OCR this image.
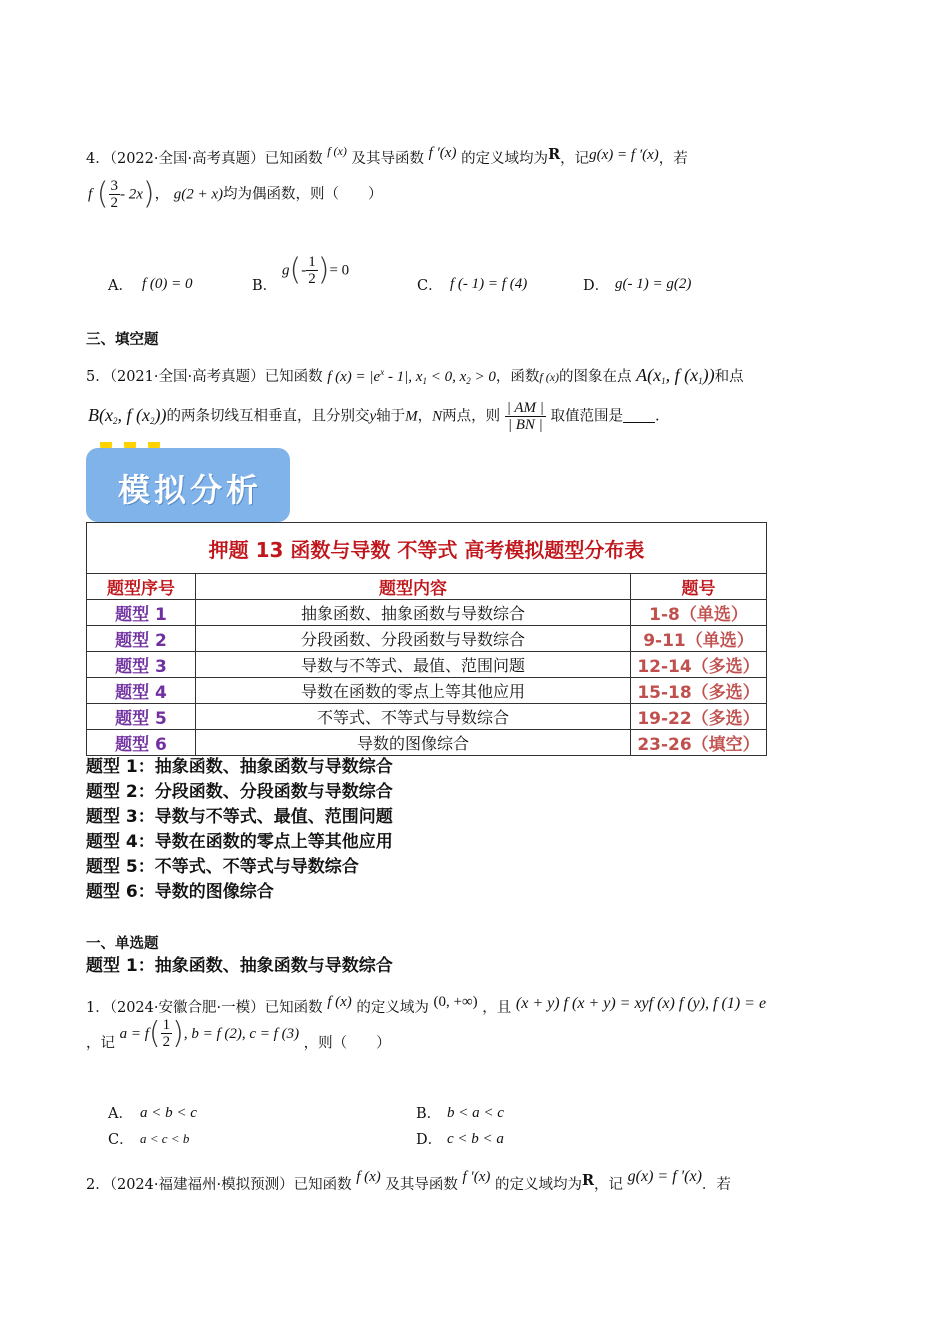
4．（2022·全国·高考真题）已知函数 $^{f (x)}$ 及其导函数 f ′(x) 的定义域均为R，记g(x) = f ′(x)，若
f ( $\frac{3}{2} - 2x$)， g(2 + x)均为偶函数，则（　　）
A． f (0) = 0	B．
$g(- \frac{1}{2}$ )= 0
C． f (- 1) = f (4)	D． g(- 1) = g(2)
三、填空题
5．（2021·全国·高考真题）已知函数 f $(x) = |e^x - 1|$, $x_1 < 0$, $x_2 > 0$，函数f (x)的图象在点 $A(x_1$, f $(x_1)$)和点
$B(x_2$, f $(x_2)$)的两条切线互相垂直，且分别交y轴于M，N两点，则 $\frac{| AM |}{| BN |}$ 取值范围是 .
模拟分析
押题 13 函数与导数 不等式 高考模拟题型分布表		
题型序号	题型内容	题号
题型 1	抽象函数、抽象函数与导数综合	1-8（单选）
题型 2	分段函数、分段函数与导数综合	9-11（单选）
题型 3	导数与不等式、最值、范围问题	12-14（多选）
题型 4	导数在函数的零点上等其他应用	15-18（多选）
题型 5	不等式、不等式与导数综合	19-22（多选）
题型 6	导数的图像综合	23-26（填空）
题型 1：抽象函数、抽象函数与导数综合
题型 2：分段函数、分段函数与导数综合
题型 3：导数与不等式、最值、范围问题
题型 4：导数在函数的零点上等其他应用
题型 5：不等式、不等式与导数综合
题型 6：导数的图像综合
一、单选题
题型 1：抽象函数、抽象函数与导数综合
1．（2024·安徽合肥·一模）已知函数 f (x) 的定义域为 (0, +∞) ，且 (x + y) f (x + y) = xyf (x) f (y), f (1) = e
，记 $a = f( \frac{1}{2}$ ), b = f (2), c = f (3) ，则（　　）
A． a < b < c	B． b < a < c
C． a < c < b	D． c < b < a
2．（2024·福建福州·模拟预测）已知函数 f (x) 及其导函数 f ′(x) 的定义域均为R，记 g(x) = f ′(x)．若
